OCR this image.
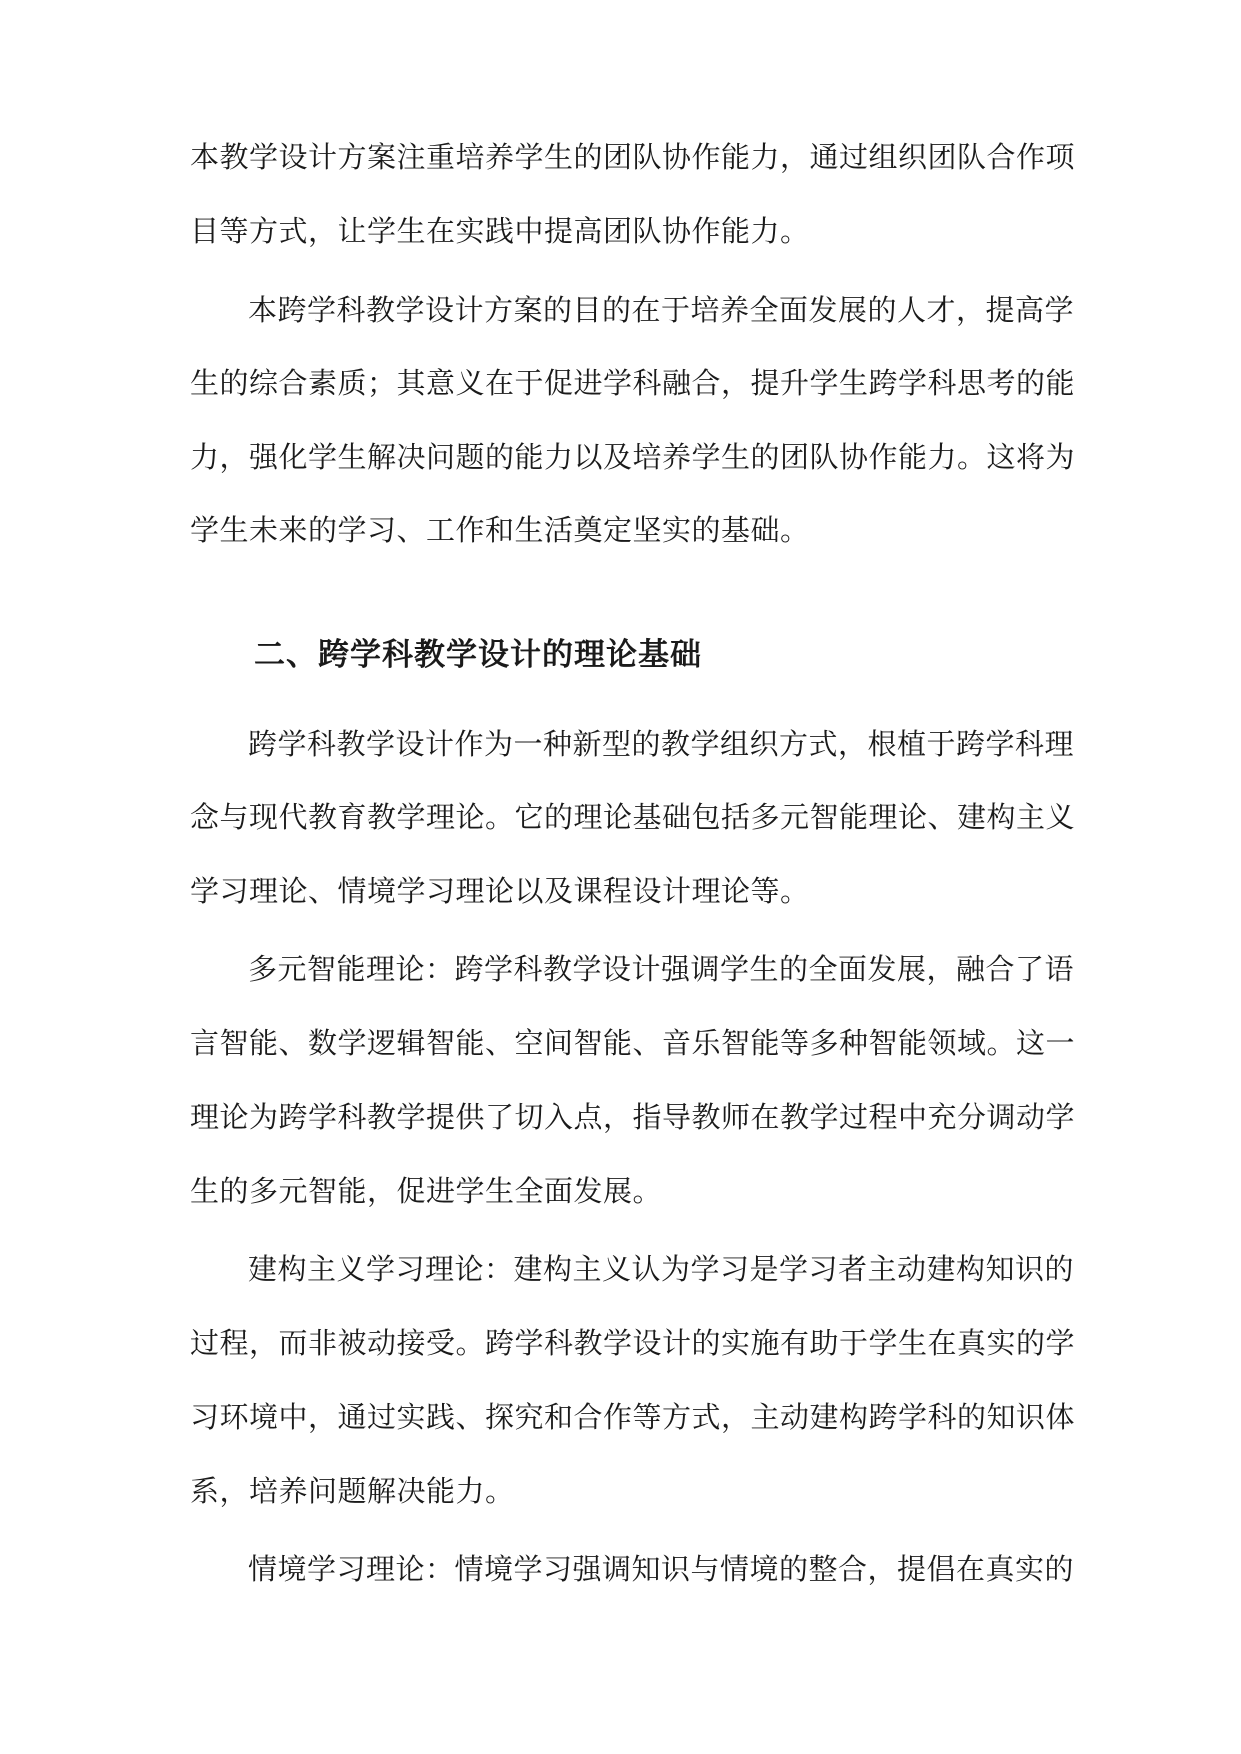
本教学设计方案注重培养学生的团队协作能力，通过组织团队合作项
目等方式，让学生在实践中提高团队协作能力。
本跨学科教学设计方案的目的在于培养全面发展的人才，提高学
生的综合素质；其意义在于促进学科融合，提升学生跨学科思考的能
力，强化学生解决问题的能力以及培养学生的团队协作能力。这将为
学生未来的学习、工作和生活奠定坚实的基础。
二、跨学科教学设计的理论基础
跨学科教学设计作为一种新型的教学组织方式，根植于跨学科理
念与现代教育教学理论。它的理论基础包括多元智能理论、建构主义
学习理论、情境学习理论以及课程设计理论等。
多元智能理论：跨学科教学设计强调学生的全面发展，融合了语
言智能、数学逻辑智能、空间智能、音乐智能等多种智能领域。这一
理论为跨学科教学提供了切入点，指导教师在教学过程中充分调动学
生的多元智能，促进学生全面发展。
建构主义学习理论：建构主义认为学习是学习者主动建构知识的
过程，而非被动接受。跨学科教学设计的实施有助于学生在真实的学
习环境中，通过实践、探究和合作等方式，主动建构跨学科的知识体
系，培养问题解决能力。
情境学习理论：情境学习强调知识与情境的整合，提倡在真实的
